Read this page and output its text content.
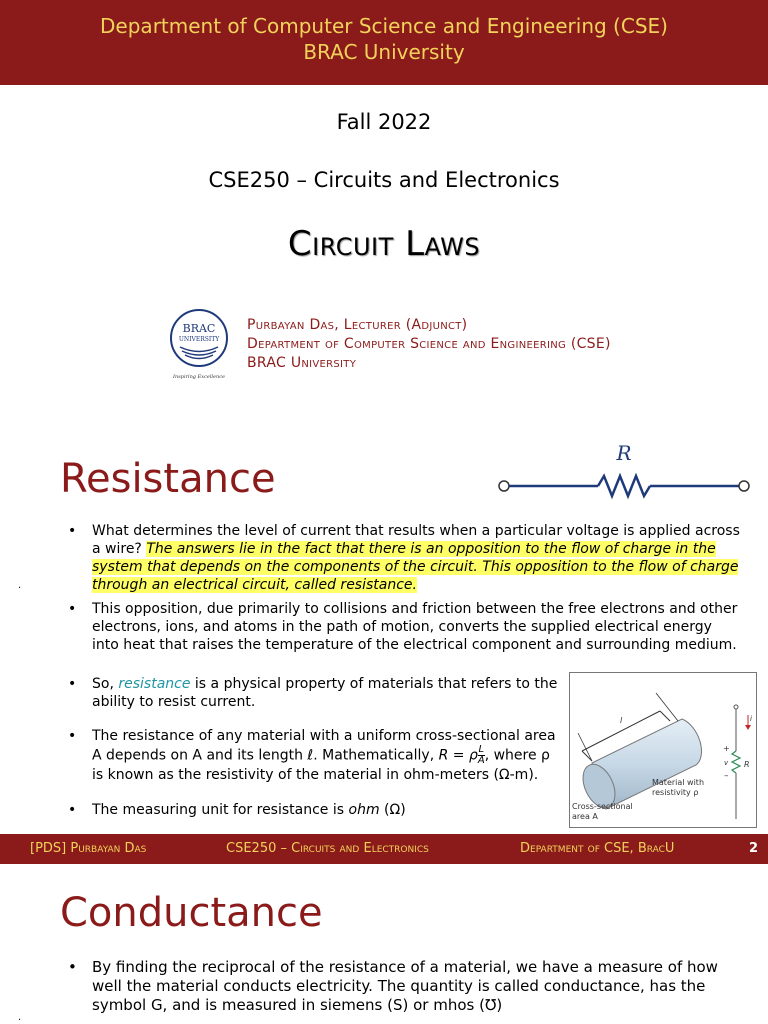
Department of Computer Science and Engineering (CSE)
BRAC University
Fall 2022
CSE250 – Circuits and Electronics
Circuit Laws
BRAC
UNIVERSITY
Inspiring Excellence
Purbayan Das, Lecturer (Adjunct)
Department of Computer Science and Engineering (CSE)
BRAC University
Resistance
R
.
• What determines the level of current that results when a particular voltage is applied across a wire? The answers lie in the fact that there is an opposition to the flow of charge in the system that depends on the components of the circuit. This opposition to the flow of charge through an electrical circuit, called resistance.
• This opposition, due primarily to collisions and friction between the free electrons and other electrons, ions, and atoms in the path of motion, converts the supplied electrical energy into heat that raises the temperature of the electrical component and surrounding medium.
• So, resistance is a physical property of materials that refers to the ability to resist current.
• The resistance of any material with a uniform cross-sectional area A depends on A and its length ℓ. Mathematically, R = ρ $\frac{L}{A}$ , where ρ is known as the resistivity of the material in ohm-meters (Ω-m).
• The measuring unit for resistance is ohm (Ω)
l
Material with
resistivity ρ
Cross-sectional
area A
i
R
+
v
–
[PDS] Purbayan Das	CSE250 – Circuits and Electronics	Department of CSE, BracU	2
Conductance
• By finding the reciprocal of the resistance of a material, we have a measure of how well the material conducts electricity. The quantity is called conductance, has the symbol G, and is measured in siemens (S) or mhos (℧)
.
